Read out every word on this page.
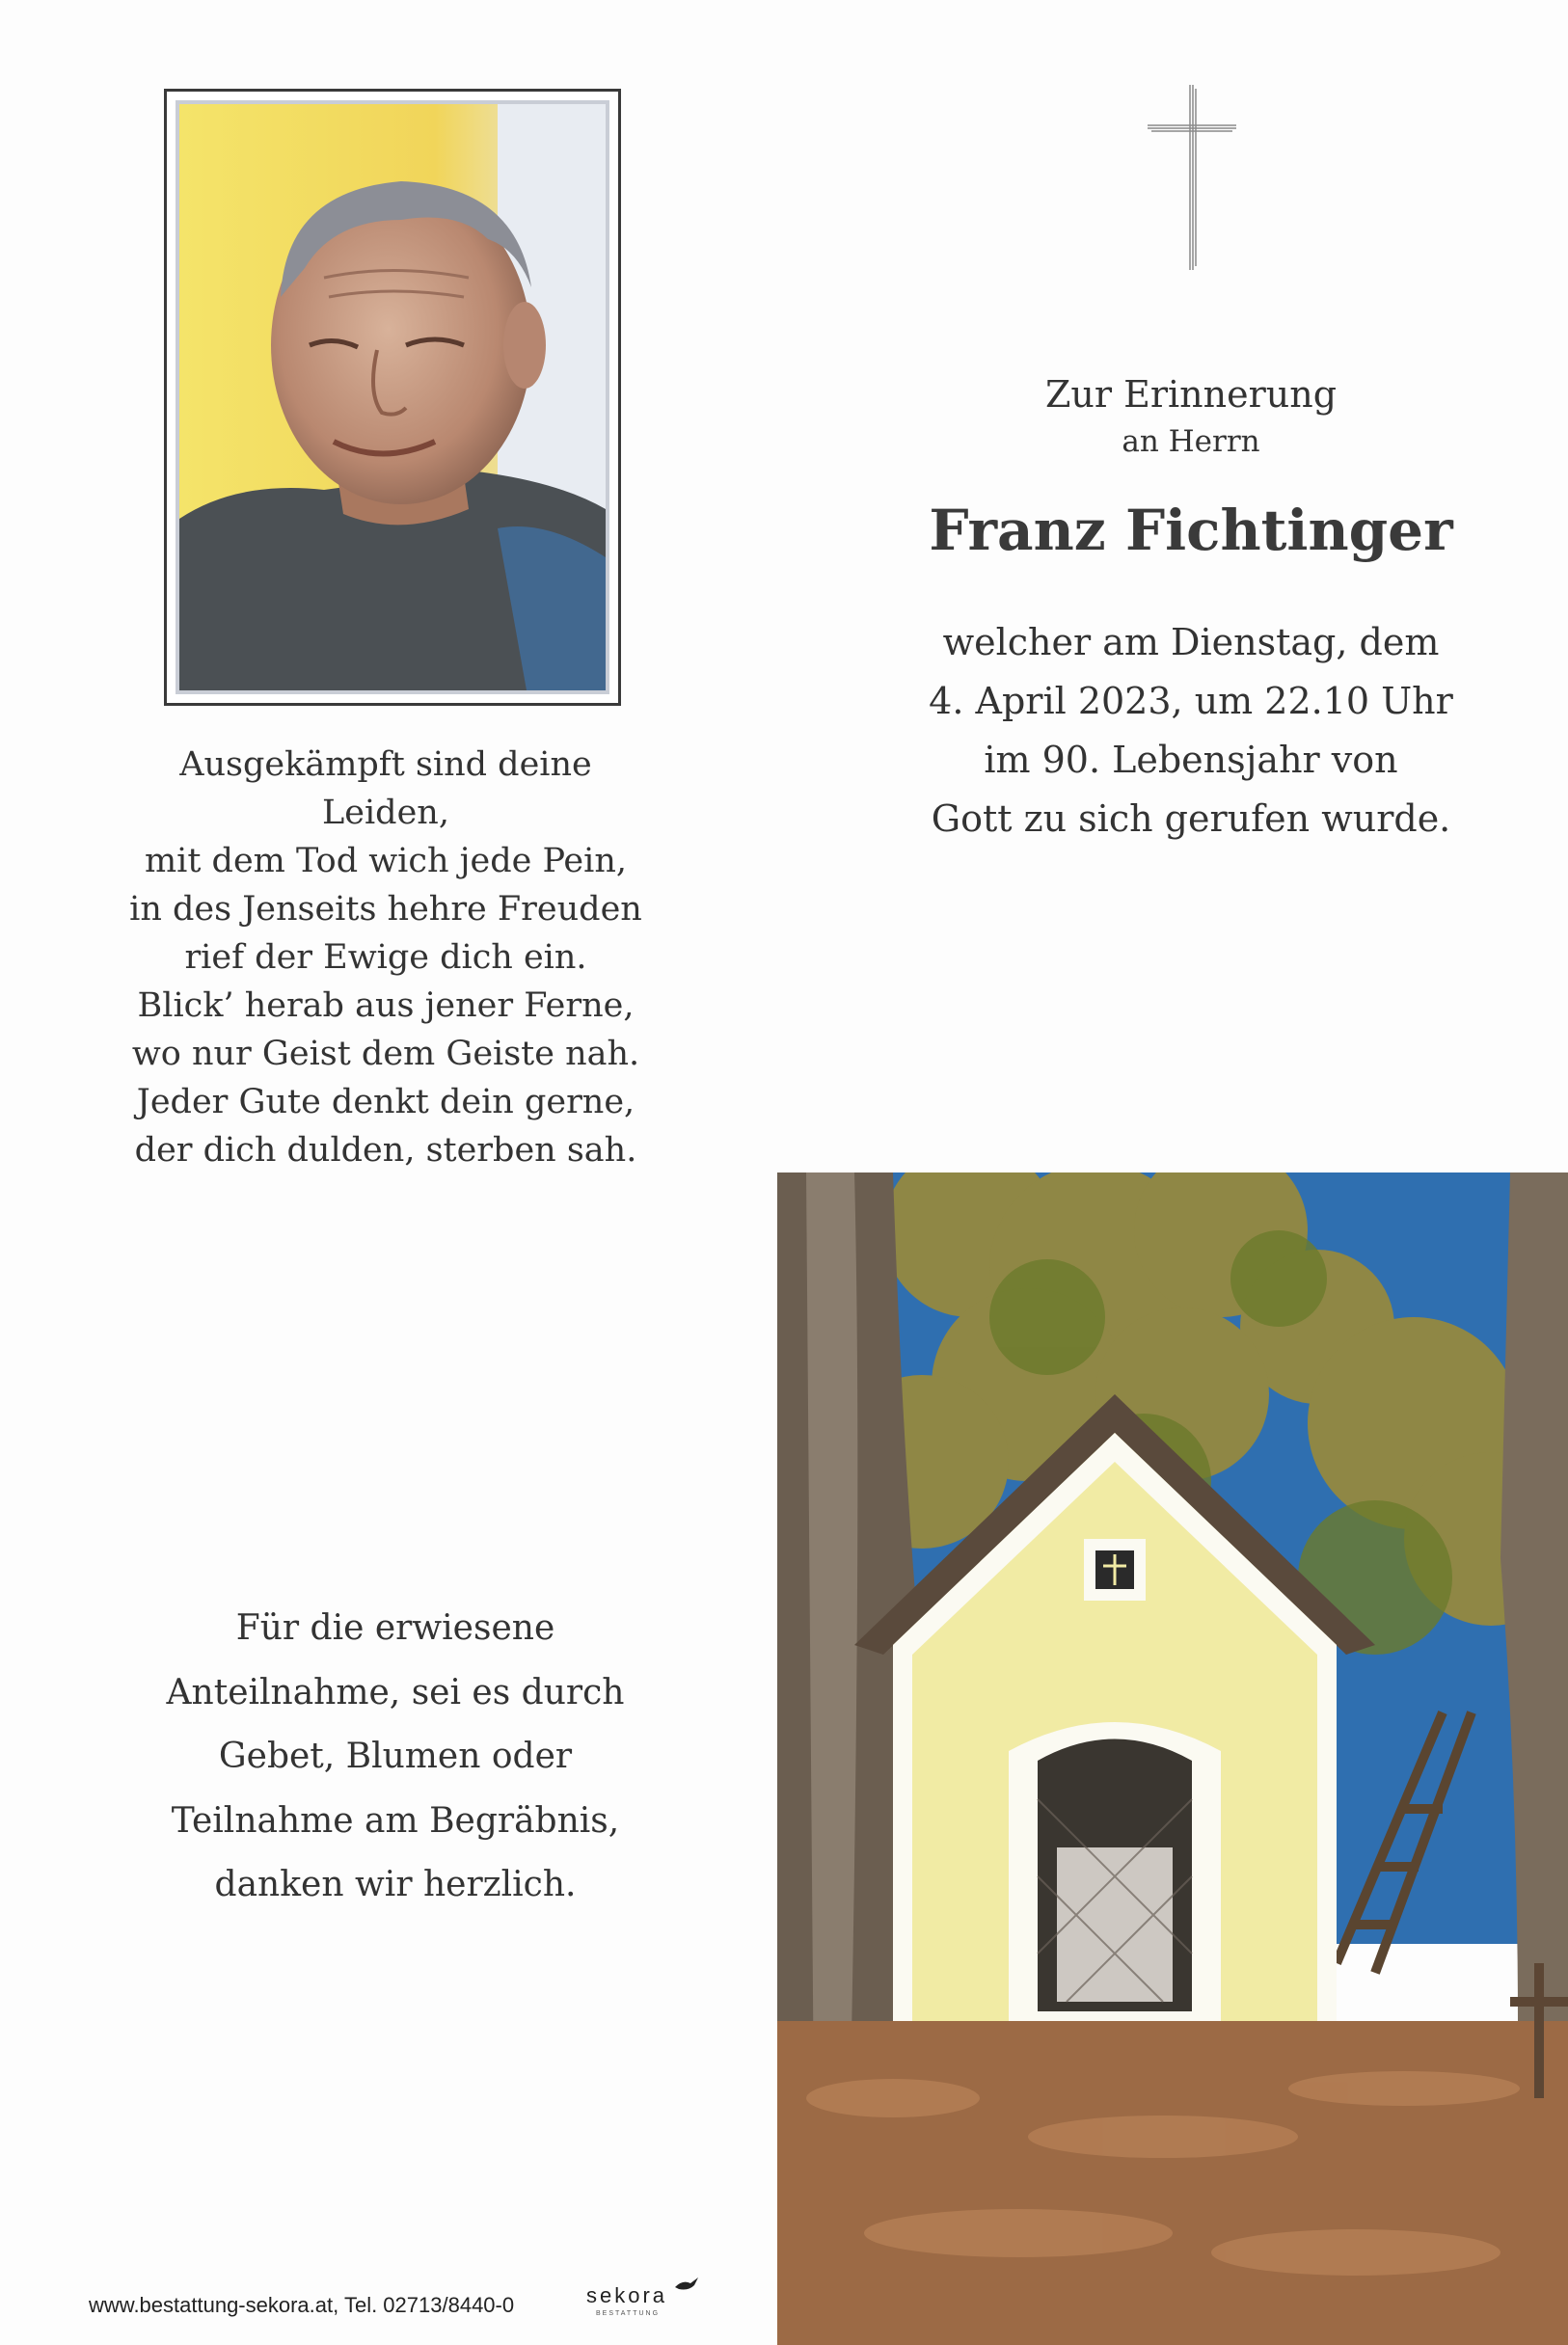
Ausgekämpft sind deine Leiden,
mit dem Tod wich jede Pein,
in des Jenseits hehre Freuden
rief der Ewige dich ein.
Blick’ herab aus jener Ferne,
wo nur Geist dem Geiste nah.
Jeder Gute denkt dein gerne,
der dich dulden, sterben sah.
Zur Erinnerung
an Herrn
Franz Fichtinger
welcher am Dienstag, dem
4. April 2023, um 22.10 Uhr
im 90. Lebensjahr von
Gott zu sich gerufen wurde.
Für die erwiesene
Anteilnahme, sei es durch
Gebet, Blumen oder
Teilnahme am Begräbnis,
danken wir herzlich.
www.bestattung-sekora.at, Tel. 02713/8440-0	sekora
BESTATTUNG
